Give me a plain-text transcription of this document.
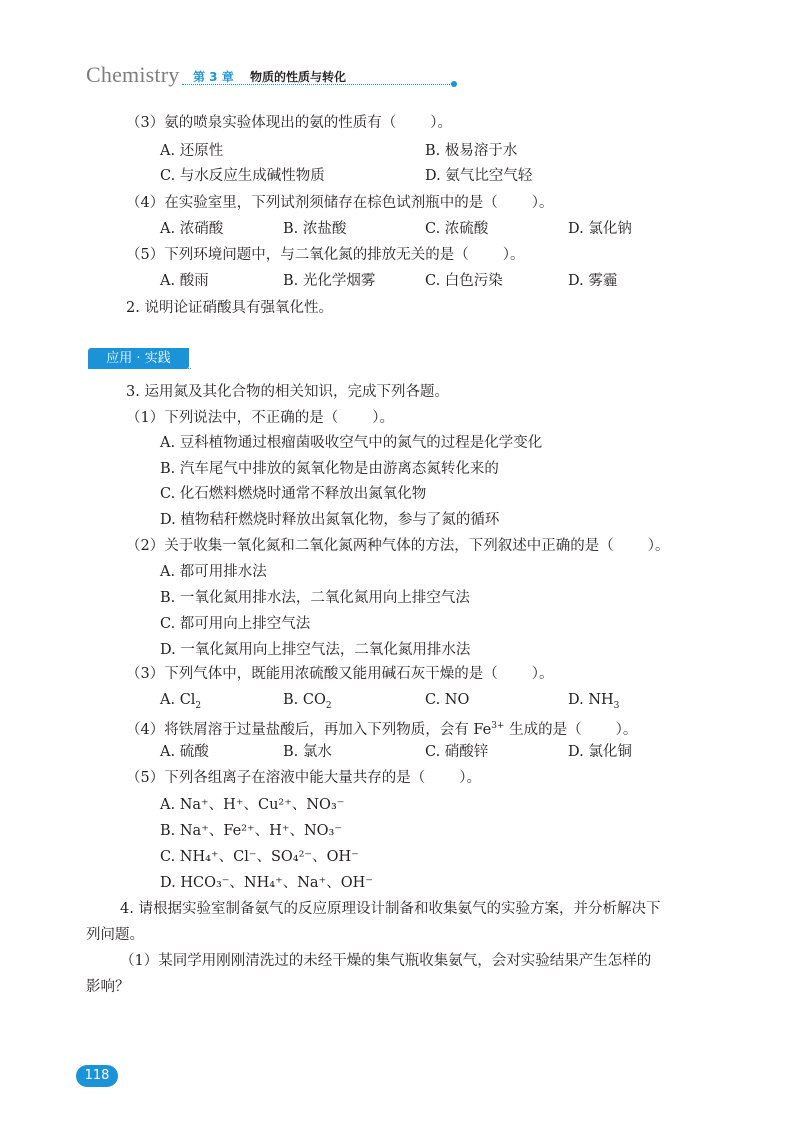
Chemistry 第 3 章 物质的性质与转化
（3）氨的喷泉实验体现出的氨的性质有（ ）。
A. 还原性	B. 极易溶于水
C. 与水反应生成碱性物质	D. 氨气比空气轻
（4）在实验室里，下列试剂须储存在棕色试剂瓶中的是（ ）。
A. 浓硝酸	B. 浓盐酸	C. 浓硫酸	D. 氯化钠
（5）下列环境问题中，与二氧化氮的排放无关的是（ ）。
A. 酸雨	B. 光化学烟雾	C. 白色污染	D. 雾霾
2. 说明论证硝酸具有强氧化性。
应用 · 实践
3. 运用氮及其化合物的相关知识，完成下列各题。
（1）下列说法中，不正确的是（ ）。
A. 豆科植物通过根瘤菌吸收空气中的氮气的过程是化学变化
B. 汽车尾气中排放的氮氧化物是由游离态氮转化来的
C. 化石燃料燃烧时通常不释放出氮氧化物
D. 植物秸秆燃烧时释放出氮氧化物，参与了氮的循环
（2）关于收集一氧化氮和二氧化氮两种气体的方法，下列叙述中正确的是（ ）。
A. 都可用排水法
B. 一氧化氮用排水法，二氧化氮用向上排空气法
C. 都可用向上排空气法
D. 一氧化氮用向上排空气法，二氧化氮用排水法
（3）下列气体中，既能用浓硫酸又能用碱石灰干燥的是（ ）。
A. $Cl_2$	B. $CO_2$	C. NO	D. $NH_3$
（4）将铁屑溶于过量盐酸后，再加入下列物质，会有 $Fe^{3+}$ 生成的是（ ）。
A. 硫酸	B. 氯水	C. 硝酸锌	D. 氯化铜
（5）下列各组离子在溶液中能大量共存的是（ ）。
A. Na⁺、H⁺、Cu²⁺、NO₃⁻
B. Na⁺、Fe²⁺、H⁺、NO₃⁻
C. NH₄⁺、Cl⁻、SO₄²⁻、OH⁻
D. HCO₃⁻、NH₄⁺、Na⁺、OH⁻
4. 请根据实验室制备氨气的反应原理设计制备和收集氨气的实验方案，并分析解决下
列问题。
（1）某同学用刚刚清洗过的未经干燥的集气瓶收集氨气，会对实验结果产生怎样的
影响？
118
